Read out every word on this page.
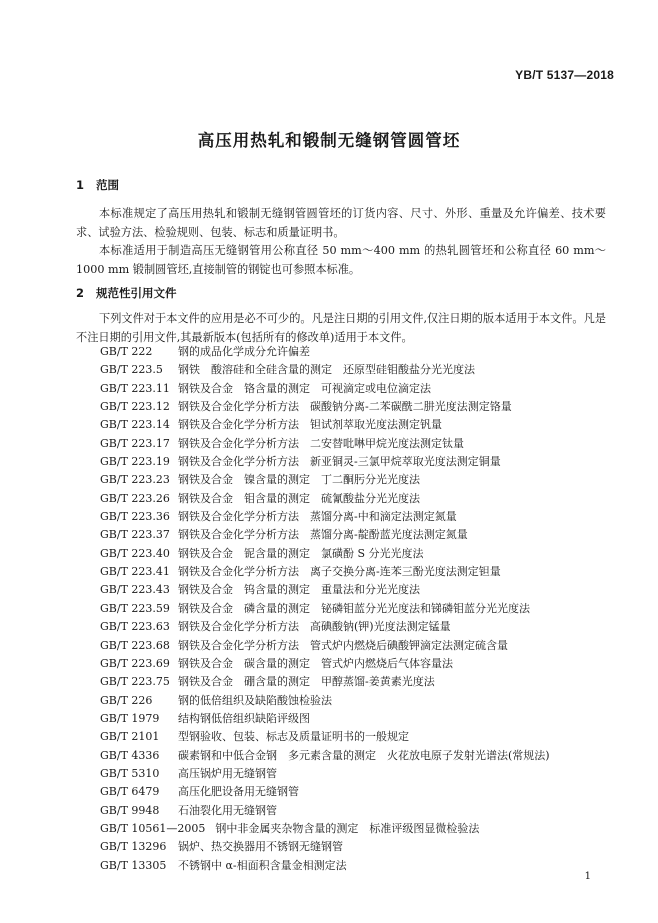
YB/T 5137—2018
高压用热轧和锻制无缝钢管圆管坯
1 范围
本标准规定了高压用热轧和锻制无缝钢管圆管坯的订货内容、尺寸、外形、重量及允许偏差、技术要求、试验方法、检验规则、包装、标志和质量证明书。
本标准适用于制造高压无缝钢管用公称直径 50 mm～400 mm 的热轧圆管坯和公称直径 60 mm～1000 mm 锻制圆管坯,直接制管的钢锭也可参照本标准。
2 规范性引用文件
下列文件对于本文件的应用是必不可少的。凡是注日期的引用文件,仅注日期的版本适用于本文件。凡是不注日期的引用文件,其最新版本(包括所有的修改单)适用于本文件。
GB/T 222 钢的成品化学成分允许偏差
GB/T 223.5 钢铁　酸溶硅和全硅含量的测定　还原型硅钼酸盐分光光度法
GB/T 223.11 钢铁及合金　铬含量的测定　可视滴定或电位滴定法
GB/T 223.12 钢铁及合金化学分析方法　碳酸钠分离-二苯碳酰二肼光度法测定铬量
GB/T 223.14 钢铁及合金化学分析方法　钽试剂萃取光度法测定钒量
GB/T 223.17 钢铁及合金化学分析方法　二安替吡啉甲烷光度法测定钛量
GB/T 223.19 钢铁及合金化学分析方法　新亚铜灵-三氯甲烷萃取光度法测定铜量
GB/T 223.23 钢铁及合金　镍含量的测定　丁二酮肟分光光度法
GB/T 223.26 钢铁及合金　钼含量的测定　硫氰酸盐分光光度法
GB/T 223.36 钢铁及合金化学分析方法　蒸馏分离-中和滴定法测定氮量
GB/T 223.37 钢铁及合金化学分析方法　蒸馏分离-靛酚蓝光度法测定氮量
GB/T 223.40 钢铁及合金　铌含量的测定　氯磺酚 S 分光光度法
GB/T 223.41 钢铁及合金化学分析方法　离子交换分离-连苯三酚光度法测定钽量
GB/T 223.43 钢铁及合金　钨含量的测定　重量法和分光光度法
GB/T 223.59 钢铁及合金　磷含量的测定　铋磷钼蓝分光光度法和锑磷钼蓝分光光度法
GB/T 223.63 钢铁及合金化学分析方法　高碘酸钠(钾)光度法测定锰量
GB/T 223.68 钢铁及合金化学分析方法　管式炉内燃烧后碘酸钾滴定法测定硫含量
GB/T 223.69 钢铁及合金　碳含量的测定　管式炉内燃烧后气体容量法
GB/T 223.75 钢铁及合金　硼含量的测定　甲醇蒸馏-姜黄素光度法
GB/T 226 钢的低倍组织及缺陷酸蚀检验法
GB/T 1979 结构钢低倍组织缺陷评级图
GB/T 2101 型钢验收、包装、标志及质量证明书的一般规定
GB/T 4336 碳素钢和中低合金钢　多元素含量的测定　火花放电原子发射光谱法(常规法)
GB/T 5310 高压锅炉用无缝钢管
GB/T 6479 高压化肥设备用无缝钢管
GB/T 9948 石油裂化用无缝钢管
GB/T 10561—2005 钢中非金属夹杂物含量的测定　标准评级图显微检验法
GB/T 13296 锅炉、热交换器用不锈钢无缝钢管
GB/T 13305 不锈钢中 α-相面积含量金相测定法
1
